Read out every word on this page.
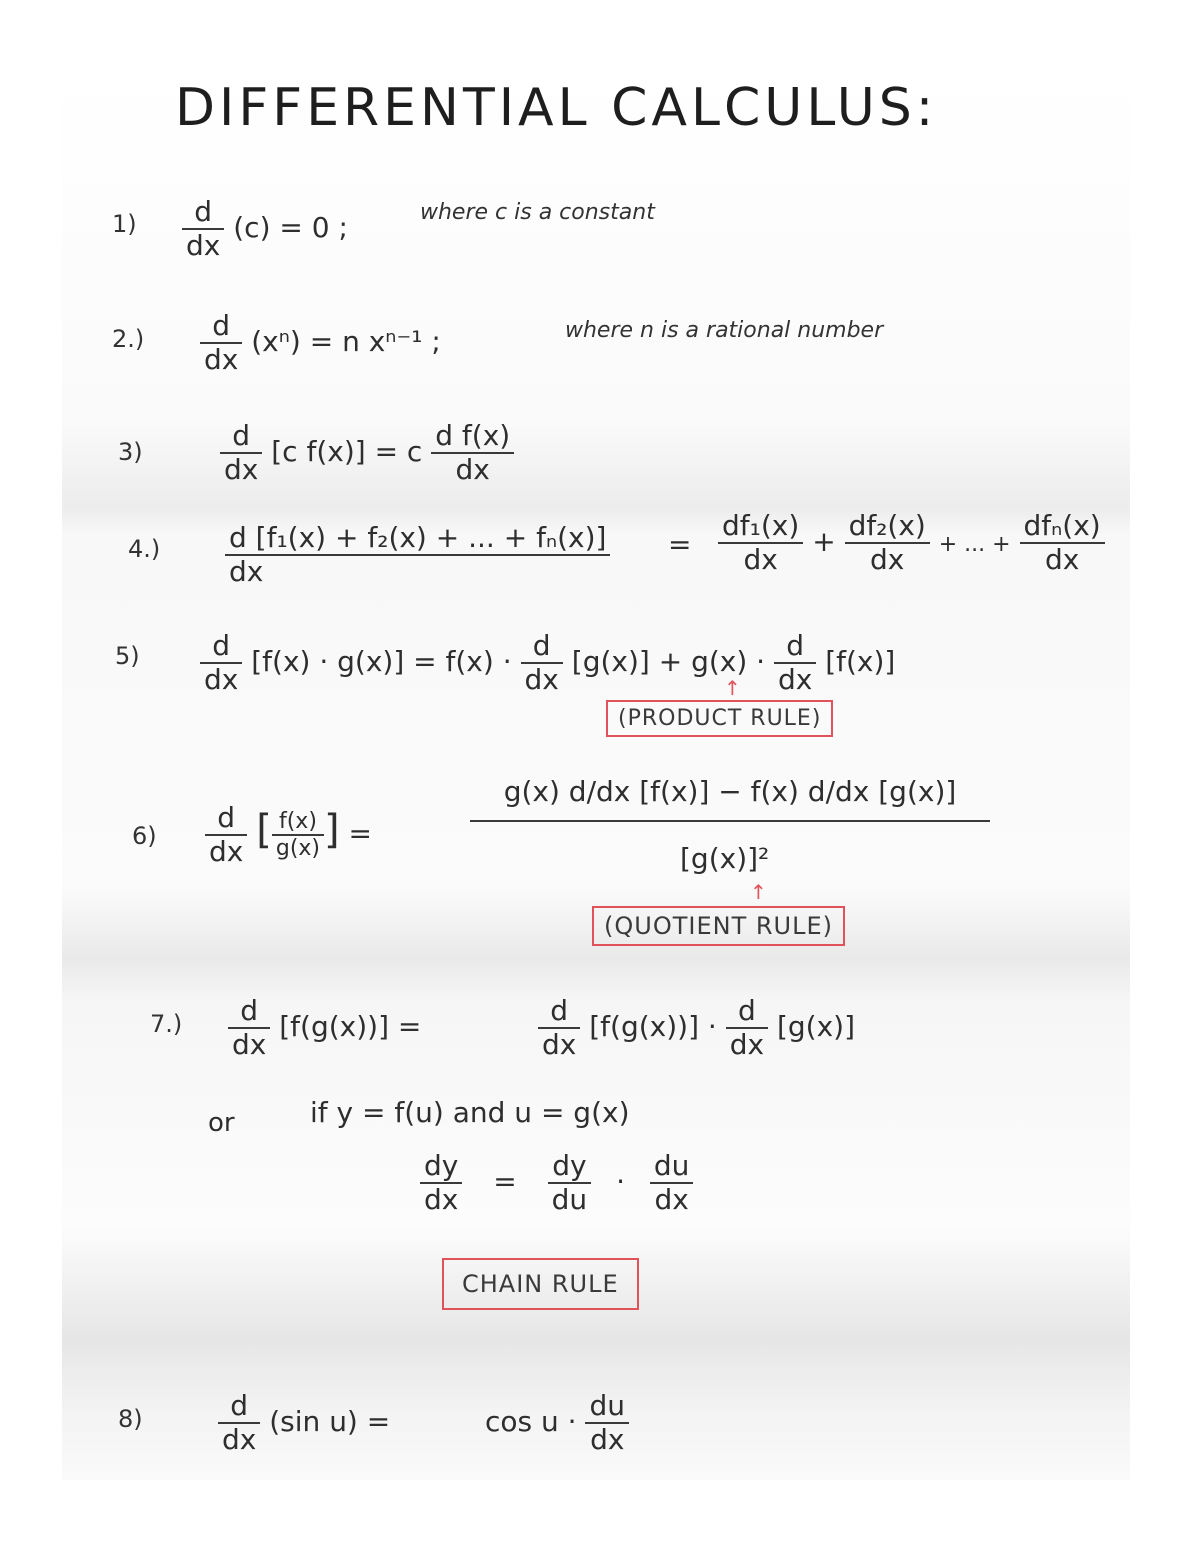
DIFFERENTIAL CALCULUS:
$1) \frac{d}{dx} (c) = 0$ ;	where c is a constant
$2.) \frac{d}{dx} (x^n) = n$ xⁿ⁻¹ ;	where n is a rational number
3)	$\frac{d}{dx} [c$ f(x)] = c $\frac{\text{d f(x)}}{dx}$
$4.) \frac{\text{d [f₁(x) + f₂(x) + ... + fₙ(x)]}}{dx} = \frac{\text{df₁(x)}}{dx} + \frac{\text{df₂(x)}}{dx}$ + ... + $\frac{\text{dfₙ(x)}}{dx}$
$5) \frac{d}{dx} [f(x) \cdot g(x)] = f(x) \cdot \frac{d}{dx} [g(x)] + g(x) \cdot \frac{d}{dx} [f(x)]$
↑
(PRODUCT RULE)
$6) \frac{d}{dx}$ [ $\frac{f(x)}{g(x)}$ ] =
g(x) d/dx [f(x)] − f(x) d/dx [g(x)]
[g(x)]²
↑
(QUOTIENT RULE)
$7.) \frac{d}{dx} [f(g(x))]$ =	$\frac{d}{dx} [f(g(x))] \cdot \frac{d}{dx} [g(x)]$
or	if y = f(u) and u = g(x)
$\frac{dy}{dx} = \frac{dy}{du} \cdot \frac{du}{dx}$
CHAIN RULE
8)	$\frac{d}{dx} (\sin$ u) =	$\cos u \cdot \frac{du}{dx}$
